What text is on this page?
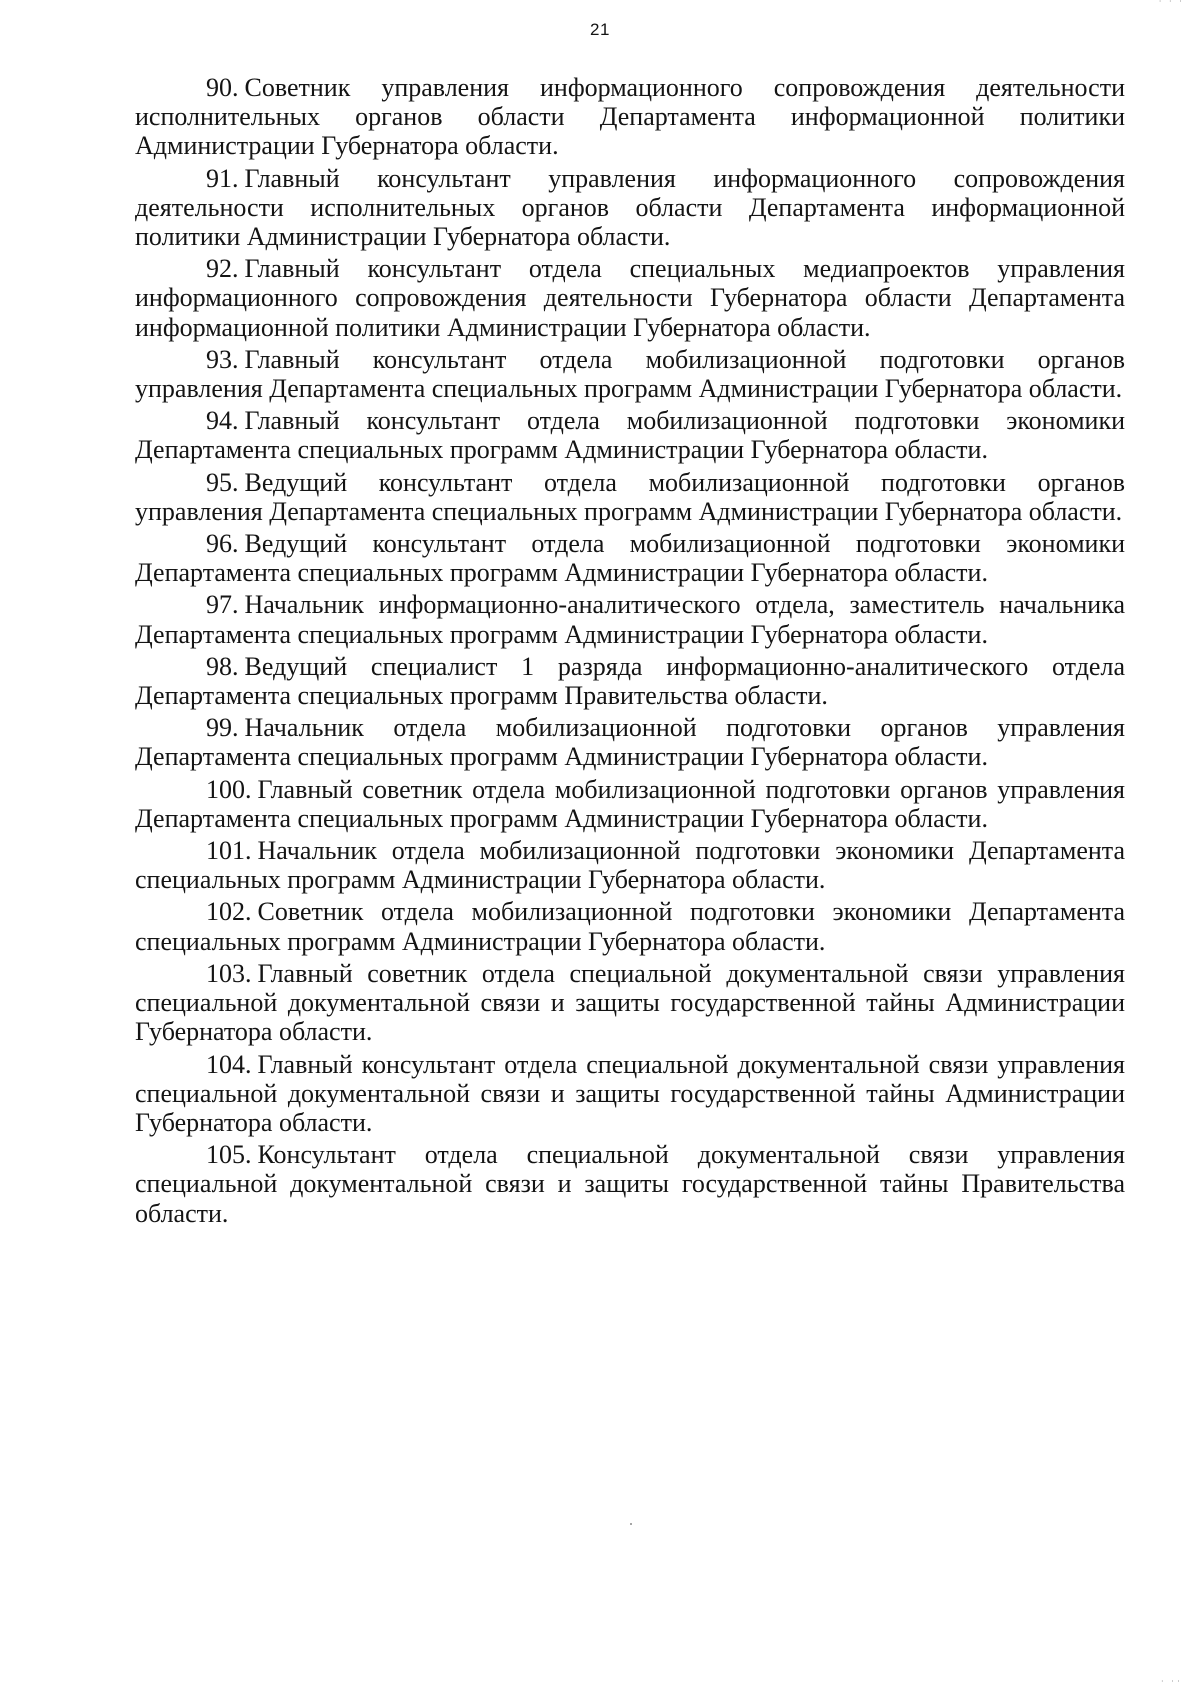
˙ ˙ ˙
21

90. Советник управления информационного сопровождения деятельности исполнительных органов области Департамента информационной политики Администрации Губернатора области.

91. Главный консультант управления информационного сопровождения деятельности исполнительных органов области Департамента информационной политики Администрации Губернатора области.

92. Главный консультант отдела специальных медиапроектов управления информационного сопровождения деятельности Губернатора области Департамента информационной политики Администрации Губернатора области.

93. Главный консультант отдела мобилизационной подготовки органов управления Департамента специальных программ Администрации Губернатора области.

94. Главный консультант отдела мобилизационной подготовки экономики Департамента специальных программ Администрации Губернатора области.

95. Ведущий консультант отдела мобилизационной подготовки органов управления Департамента специальных программ Администрации Губернатора области.

96. Ведущий консультант отдела мобилизационной подготовки экономики Департамента специальных программ Администрации Губернатора области.

97. Начальник информационно-аналитического отдела, заместитель начальника Департамента специальных программ Администрации Губернатора области.

98. Ведущий специалист 1 разряда информационно-аналитического отдела Департамента специальных программ Правительства области.

99. Начальник отдела мобилизационной подготовки органов управления Департамента специальных программ Администрации Губернатора области.

100. Главный советник отдела мобилизационной подготовки органов управления Департамента специальных программ Администрации Губернатора области.

101. Начальник отдела мобилизационной подготовки экономики Департамента специальных программ Администрации Губернатора области.

102. Советник отдела мобилизационной подготовки экономики Департамента специальных программ Администрации Губернатора области.

103. Главный советник отдела специальной документальной связи управления специальной документальной связи и защиты государственной тайны Администрации Губернатора области.

104. Главный консультант отдела специальной документальной связи управления специальной документальной связи и защиты государственной тайны Администрации Губернатора области.

105. Консультант отдела специальной документальной связи управления специальной документальной связи и защиты государственной тайны Правительства области.

˙ ˙˙
